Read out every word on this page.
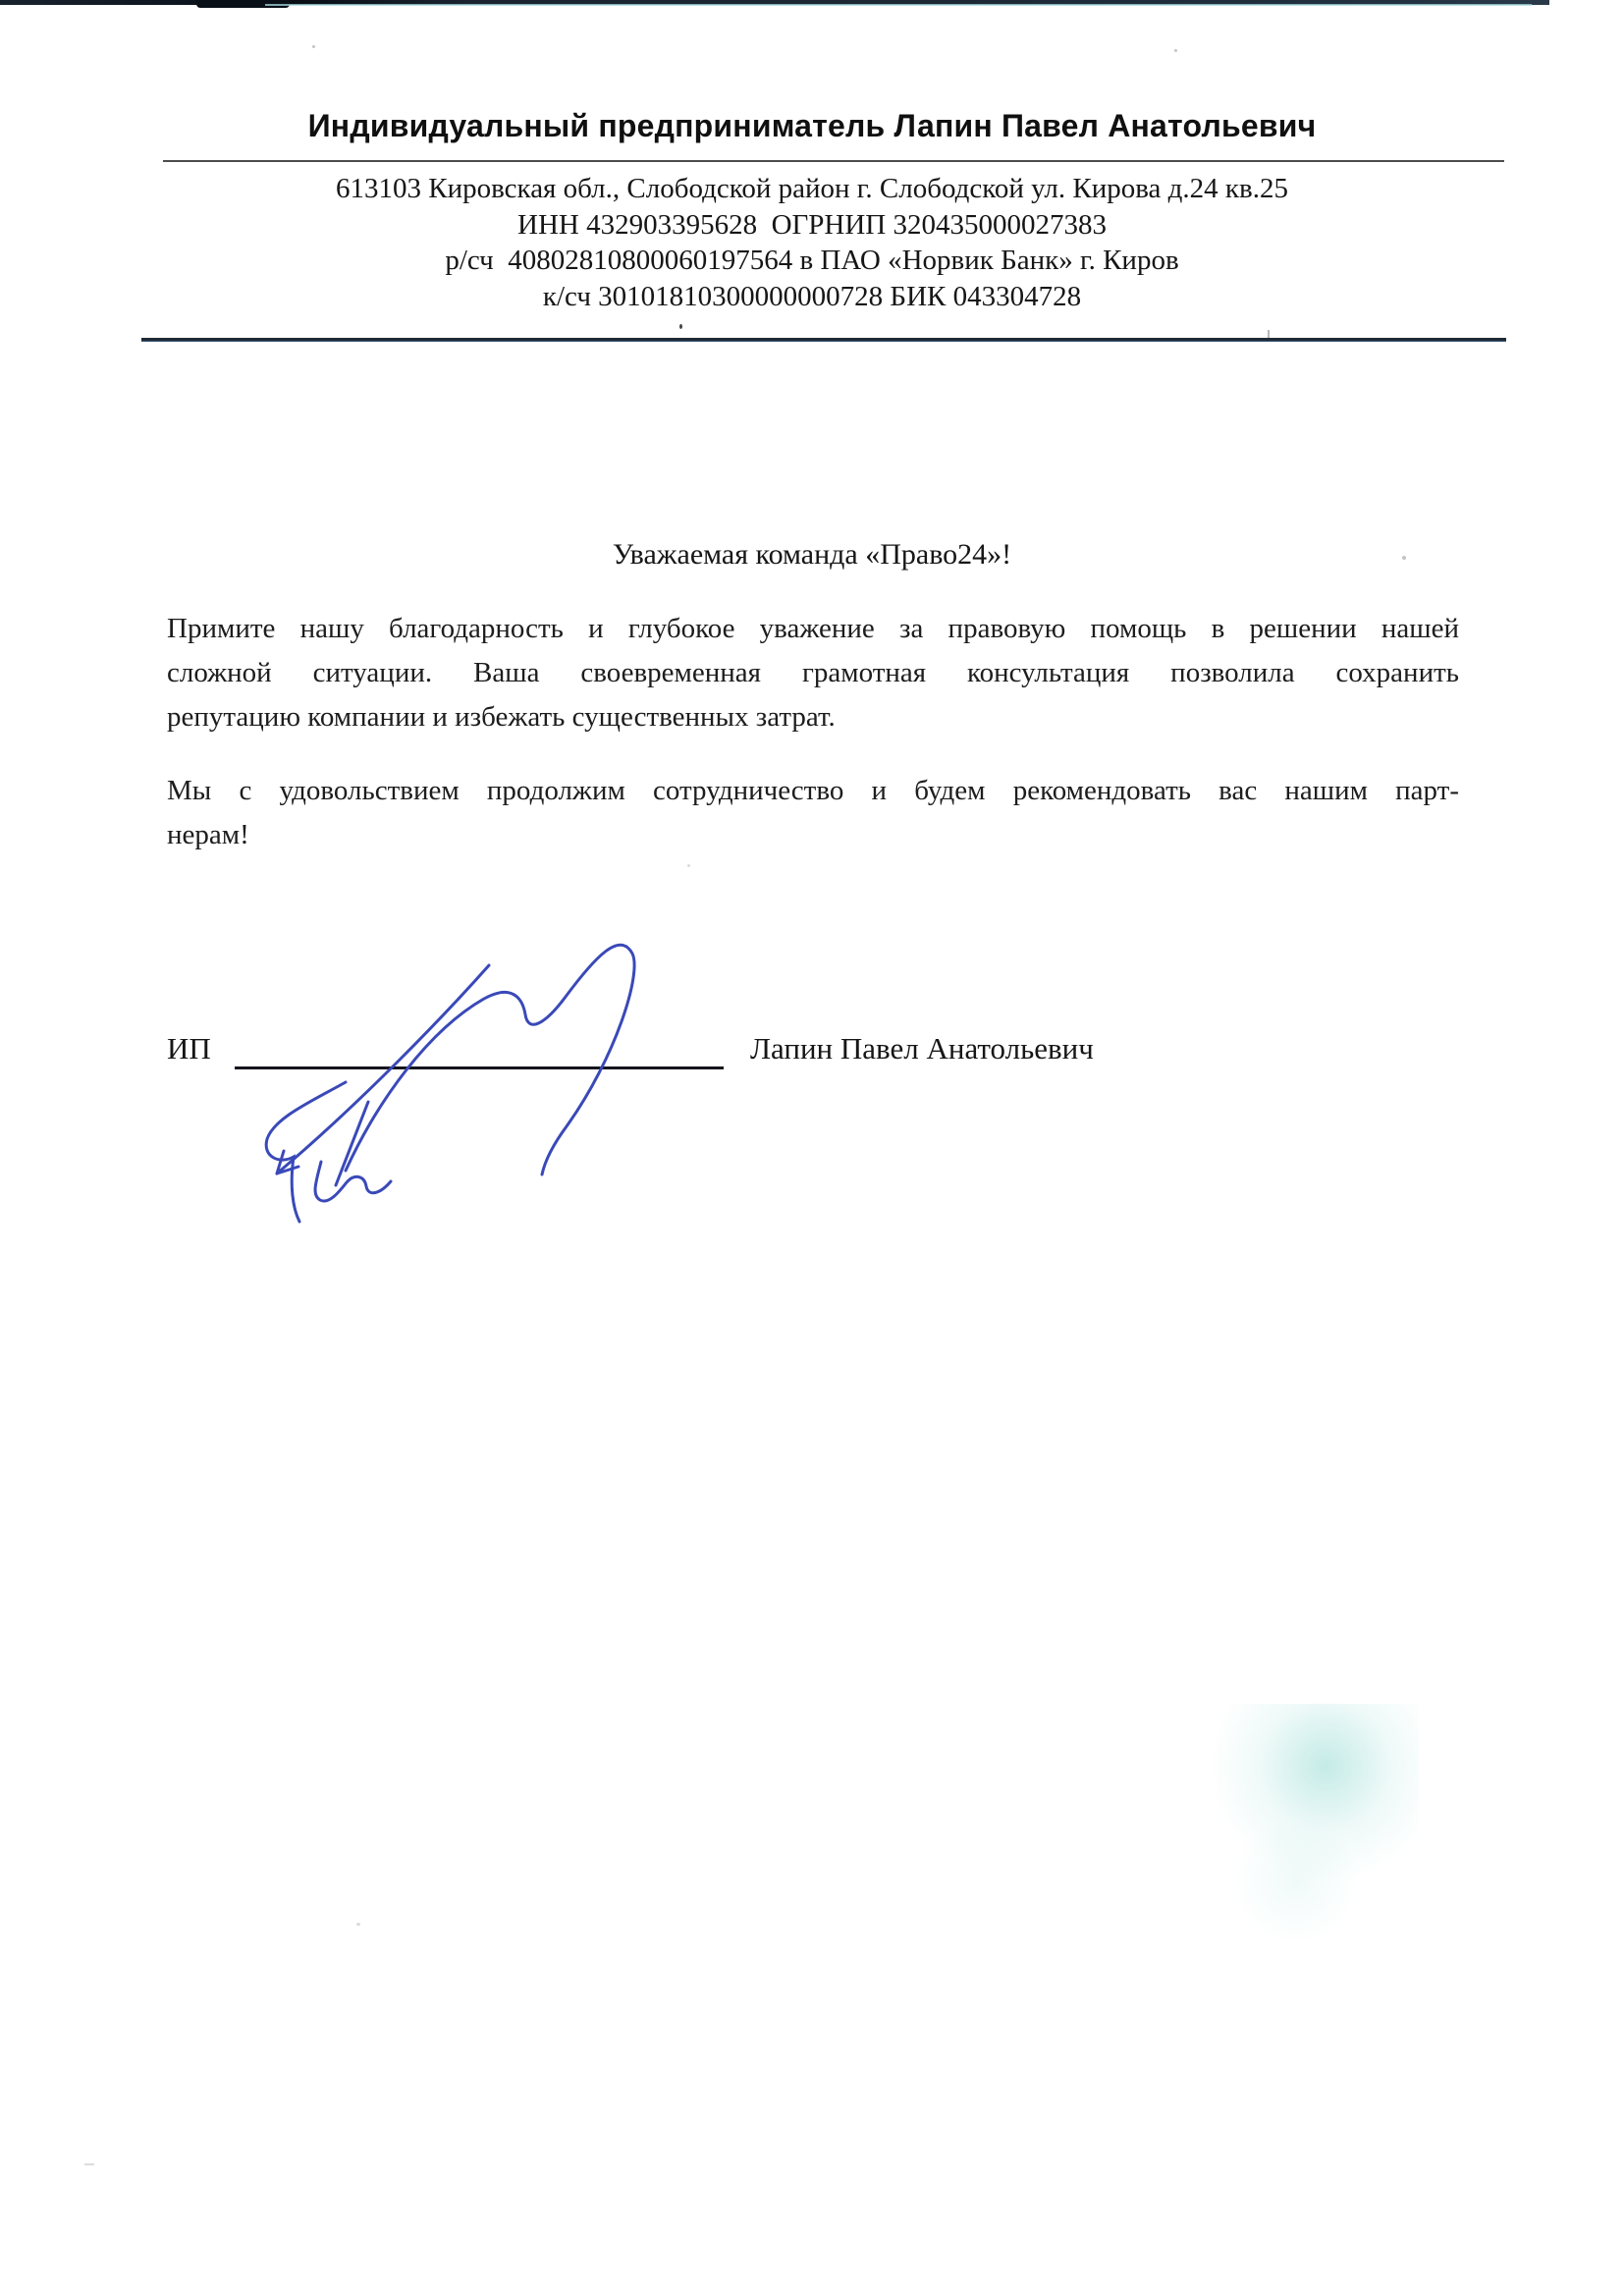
Индивидуальный предприниматель Лапин Павел Анатольевич
613103 Кировская обл., Слободской район г. Слободской ул. Кирова д.24 кв.25
ИНН 432903395628  ОГРНИП 320435000027383
р/сч  40802810800060197564 в ПАО «Норвик Банк» г. Киров
к/сч 30101810300000000728 БИК 043304728
Уважаемая команда «Право24»!
Примите нашу благодарность и глубокое уважение за правовую помощь в решении нашей
сложной ситуации. Ваша своевременная грамотная консультация позволила сохранить
репутацию компании и избежать существенных затрат.
Мы с удовольствием продолжим сотрудничество и будем рекомендовать вас нашим парт-
нерам!
ИП	Лапин Павел Анатольевич
